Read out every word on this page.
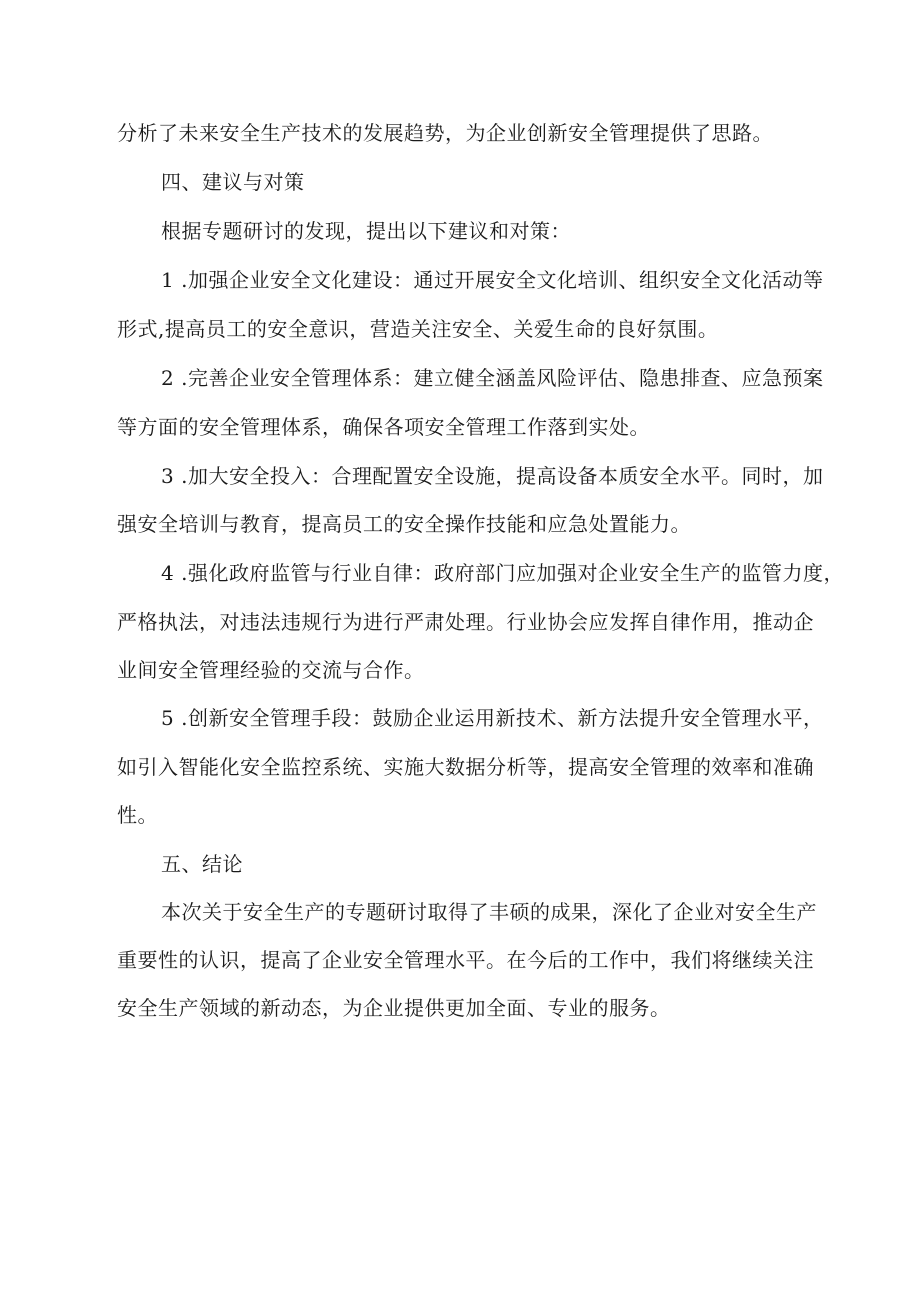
分析了未来安全生产技术的发展趋势，为企业创新安全管理提供了思路。
四、建议与对策
根据专题研讨的发现，提出以下建议和对策：
1 .加强企业安全文化建设：通过开展安全文化培训、组织安全文化活动等
形式,提高员工的安全意识，营造关注安全、关爱生命的良好氛围。
2 .完善企业安全管理体系：建立健全涵盖风险评估、隐患排查、应急预案
等方面的安全管理体系，确保各项安全管理工作落到实处。
3 .加大安全投入：合理配置安全设施，提高设备本质安全水平。同时，加
强安全培训与教育，提高员工的安全操作技能和应急处置能力。
4 .强化政府监管与行业自律：政府部门应加强对企业安全生产的监管力度，
严格执法，对违法违规行为进行严肃处理。行业协会应发挥自律作用，推动企
业间安全管理经验的交流与合作。
5 .创新安全管理手段：鼓励企业运用新技术、新方法提升安全管理水平，
如引入智能化安全监控系统、实施大数据分析等，提高安全管理的效率和准确
性。
五、结论
本次关于安全生产的专题研讨取得了丰硕的成果，深化了企业对安全生产
重要性的认识，提高了企业安全管理水平。在今后的工作中，我们将继续关注
安全生产领域的新动态，为企业提供更加全面、专业的服务。
